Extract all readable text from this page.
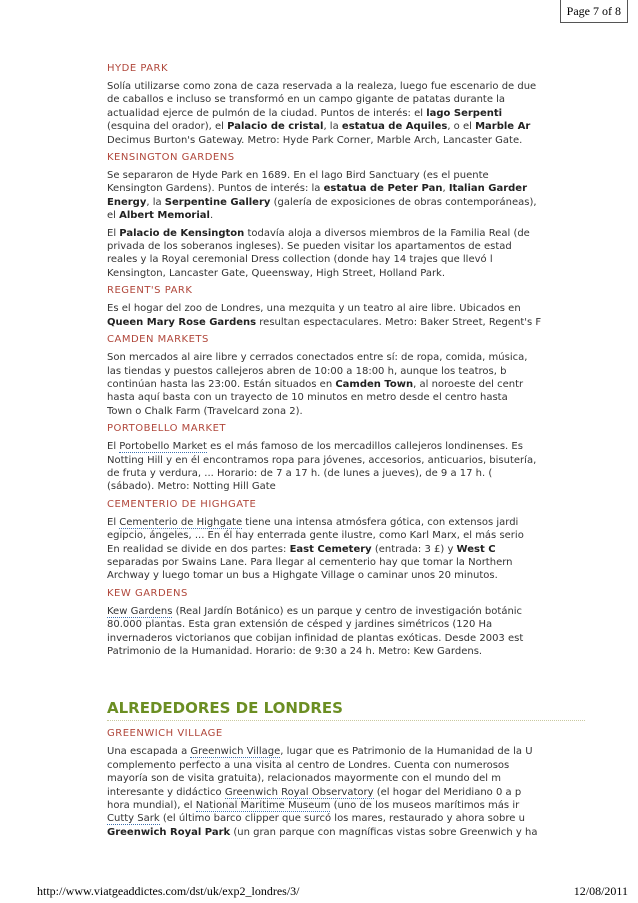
Page 7 of 8
HYDE PARK
Solía utilizarse como zona de caza reservada a la realeza, luego fue escenario de due
de caballos e incluso se transformó en un campo gigante de patatas durante la
actualidad ejerce de pulmón de la ciudad. Puntos de interés: el lago Serpenti
(esquina del orador), el Palacio de cristal, la estatua de Aquiles, o el Marble Ar
Decimus Burton's Gateway. Metro: Hyde Park Corner, Marble Arch, Lancaster Gate.
KENSINGTON GARDENS
Se separaron de Hyde Park en 1689. En el lago Bird Sanctuary (es el puente
Kensington Gardens). Puntos de interés: la estatua de Peter Pan, Italian Garder
Energy, la Serpentine Gallery (galería de exposiciones de obras contemporáneas),
el Albert Memorial.
El Palacio de Kensington todavía aloja a diversos miembros de la Familia Real (de
privada de los soberanos ingleses). Se pueden visitar los apartamentos de estad
reales y la Royal ceremonial Dress collection (donde hay 14 trajes que llevó l
Kensington, Lancaster Gate, Queensway, High Street, Holland Park.
REGENT'S PARK
Es el hogar del zoo de Londres, una mezquita y un teatro al aire libre. Ubicados en
Queen Mary Rose Gardens resultan espectaculares. Metro: Baker Street, Regent's F
CAMDEN MARKETS
Son mercados al aire libre y cerrados conectados entre sí: de ropa, comida, música,
las tiendas y puestos callejeros abren de 10:00 a 18:00 h, aunque los teatros, b
continúan hasta las 23:00. Están situados en Camden Town, al noroeste del centr
hasta aquí basta con un trayecto de 10 minutos en metro desde el centro hasta
Town o Chalk Farm (Travelcard zona 2).
PORTOBELLO MARKET
El Portobello Market es el más famoso de los mercadillos callejeros londinenses. Es
Notting Hill y en él encontramos ropa para jóvenes, accesorios, anticuarios, bisutería,
de fruta y verdura, ... Horario: de 7 a 17 h. (de lunes a jueves), de 9 a 17 h. (
(sábado). Metro: Notting Hill Gate
CEMENTERIO DE HIGHGATE
El Cementerio de Highgate tiene una intensa atmósfera gótica, con extensos jardi
egipcio, ángeles, ... En él hay enterrada gente ilustre, como Karl Marx, el más serio
En realidad se divide en dos partes: East Cemetery (entrada: 3 £) y West C
separadas por Swains Lane. Para llegar al cementerio hay que tomar la Northern
Archway y luego tomar un bus a Highgate Village o caminar unos 20 minutos.
KEW GARDENS
Kew Gardens (Real Jardín Botánico) es un parque y centro de investigación botánic
80.000 plantas. Esta gran extensión de césped y jardines simétricos (120 Ha
invernaderos victorianos que cobijan infinidad de plantas exóticas. Desde 2003 est
Patrimonio de la Humanidad. Horario: de 9:30 a 24 h. Metro: Kew Gardens.
ALREDEDORES DE LONDRES
GREENWICH VILLAGE
Una escapada a Greenwich Village, lugar que es Patrimonio de la Humanidad de la U
complemento perfecto a una visita al centro de Londres. Cuenta con numerosos
mayoría son de visita gratuita), relacionados mayormente con el mundo del m
interesante y didáctico Greenwich Royal Observatory (el hogar del Meridiano 0 a p
hora mundial), el National Maritime Museum (uno de los museos marítimos más ir
Cutty Sark (el último barco clipper que surcó los mares, restaurado y ahora sobre u
Greenwich Royal Park (un gran parque con magníficas vistas sobre Greenwich y ha
http://www.viatgeaddictes.com/dst/uk/exp2_londres/3/	12/08/2011
